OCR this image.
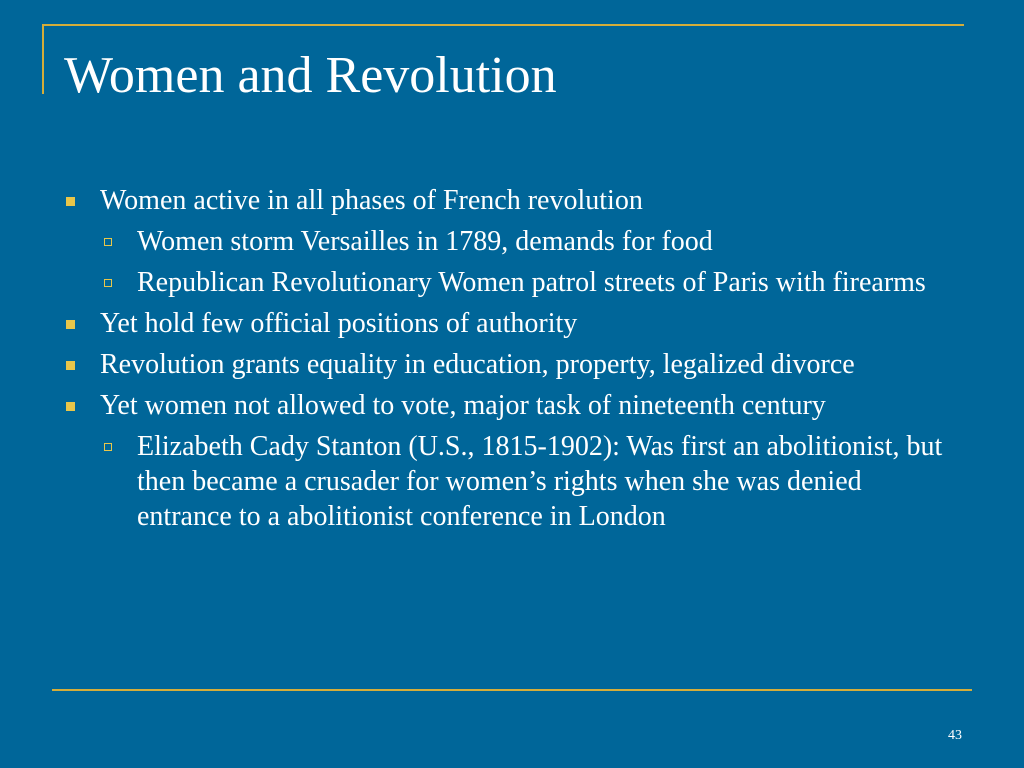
Women and Revolution
Women active in all phases of French revolution
Women storm Versailles in 1789, demands for food
Republican Revolutionary Women patrol streets of Paris with firearms
Yet hold few official positions of authority
Revolution grants equality in education, property, legalized divorce
Yet women not allowed to vote, major task of nineteenth century
Elizabeth Cady Stanton (U.S., 1815-1902): Was first an abolitionist, but then became a crusader for women’s rights when she was denied entrance to a abolitionist conference in London
43
